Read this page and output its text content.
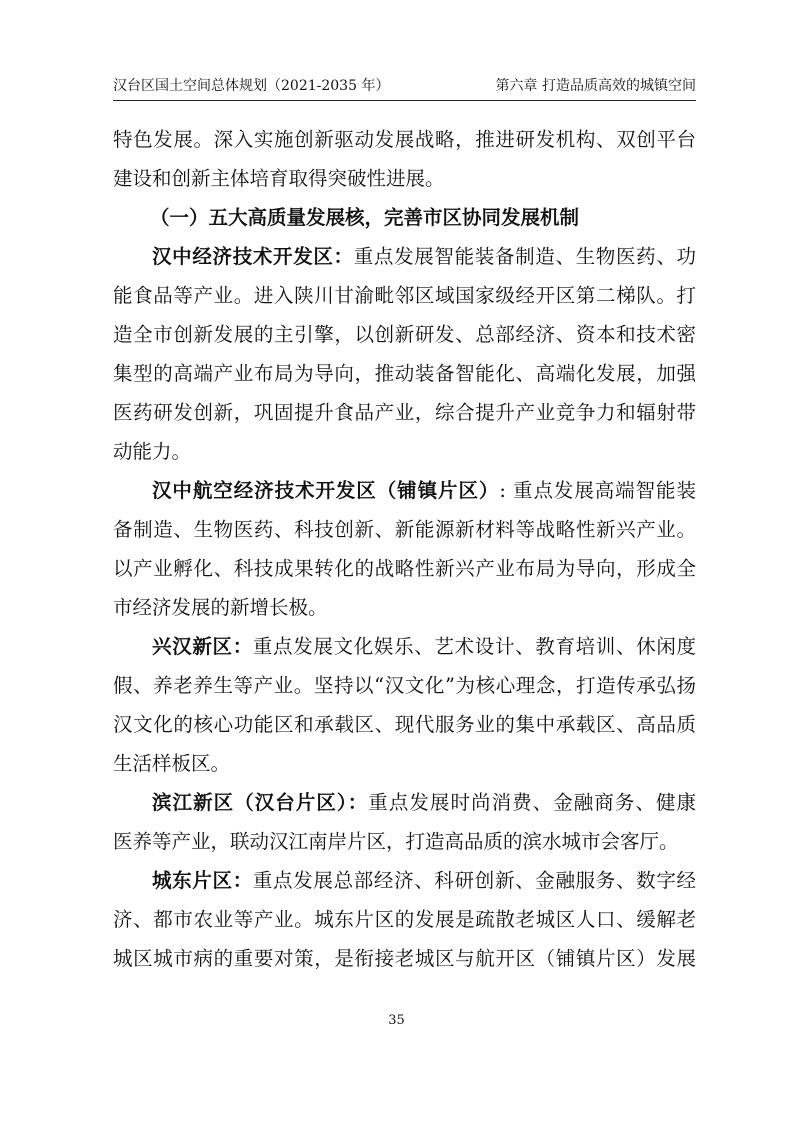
汉台区国土空间总体规划（2021-2035 年）	第六章 打造品质高效的城镇空间

特色发展。深入实施创新驱动发展战略，推进研发机构、双创平台
建设和创新主体培育取得突破性进展。

（一）五大高质量发展核，完善市区协同发展机制

汉中经济技术开发区：重点发展智能装备制造、生物医药、功
能食品等产业。进入陕川甘渝毗邻区域国家级经开区第二梯队。打
造全市创新发展的主引擎，以创新研发、总部经济、资本和技术密
集型的高端产业布局为导向，推动装备智能化、高端化发展，加强
医药研发创新，巩固提升食品产业，综合提升产业竞争力和辐射带
动能力。

汉中航空经济技术开发区（铺镇片区）: 重点发展高端智能装
备制造、生物医药、科技创新、新能源新材料等战略性新兴产业。
以产业孵化、科技成果转化的战略性新兴产业布局为导向，形成全
市经济发展的新增长极。

兴汉新区：重点发展文化娱乐、艺术设计、教育培训、休闲度
假、养老养生等产业。坚持以“汉文化”为核心理念，打造传承弘扬
汉文化的核心功能区和承载区、现代服务业的集中承载区、高品质
生活样板区。

滨江新区（汉台片区）：重点发展时尚消费、金融商务、健康
医养等产业，联动汉江南岸片区，打造高品质的滨水城市会客厅。

城东片区：重点发展总部经济、科研创新、金融服务、数字经
济、都市农业等产业。城东片区的发展是疏散老城区人口、缓解老
城区城市病的重要对策，是衔接老城区与航开区（铺镇片区）发展

35
